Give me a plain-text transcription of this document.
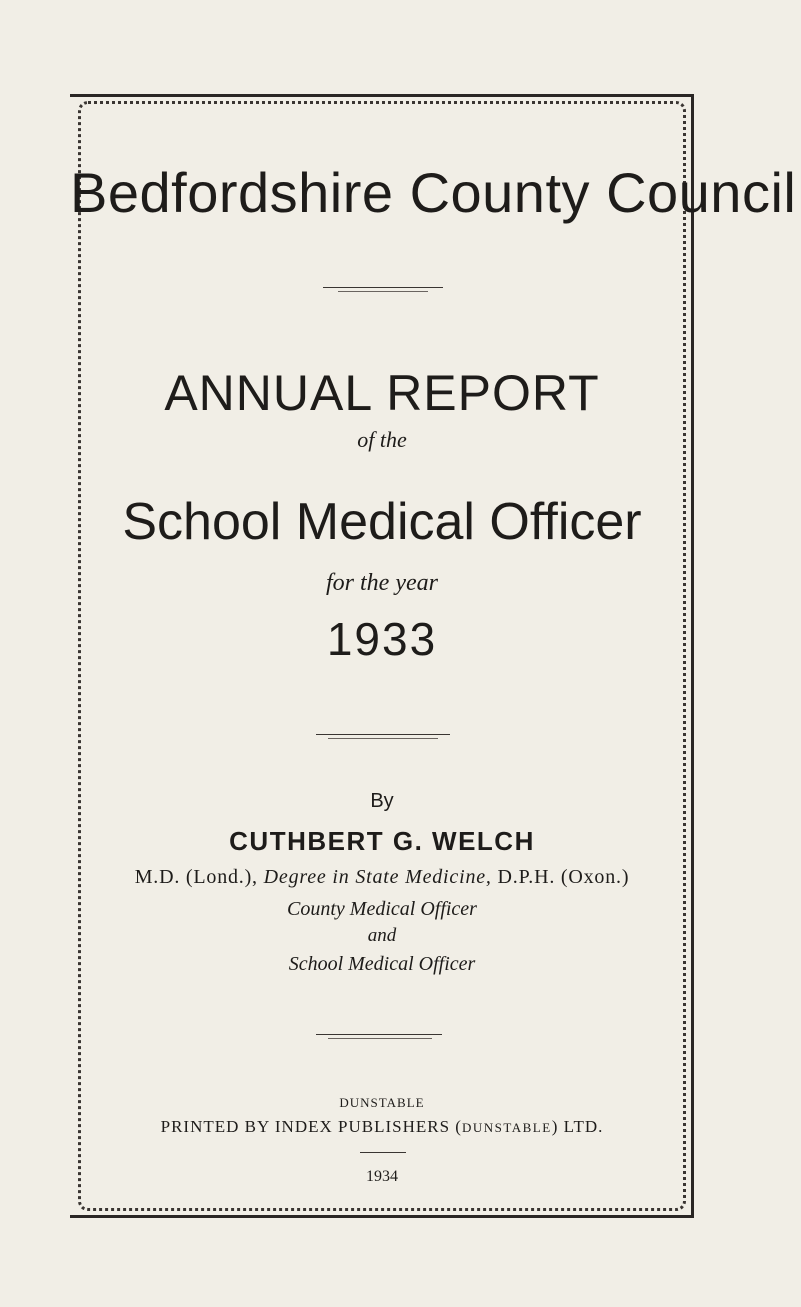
Bedfordshire County Council
ANNUAL REPORT
of the
School Medical Officer
for the year
1933
By
CUTHBERT G. WELCH
M.D. (Lond.), Degree in State Medicine, D.P.H. (Oxon.)
County Medical Officer
and
School Medical Officer
DUNSTABLE
PRINTED BY INDEX PUBLISHERS (DUNSTABLE) LTD.
1934
